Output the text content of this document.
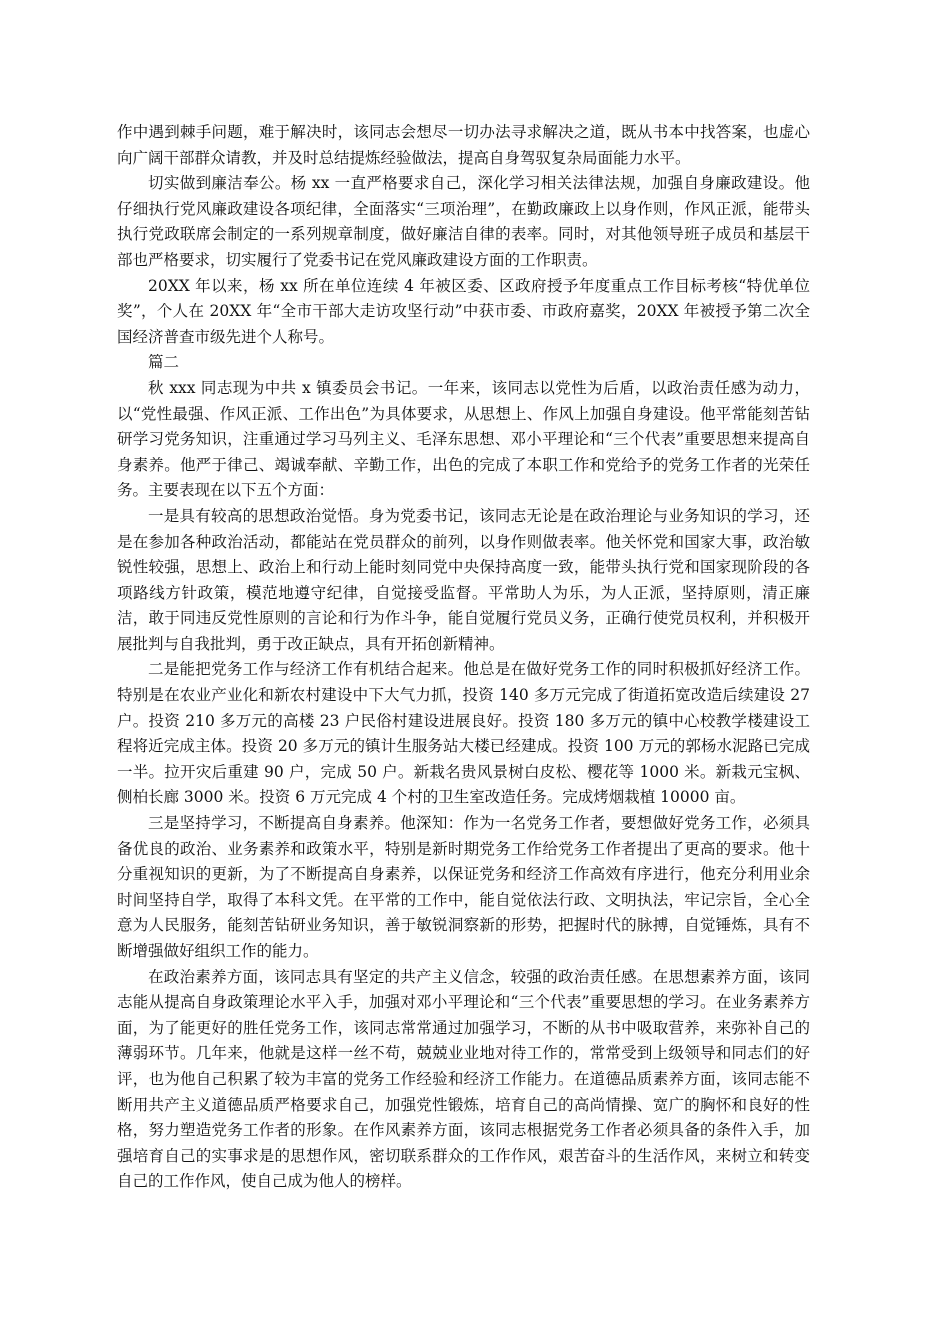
作中遇到棘手问题，难于解决时，该同志会想尽一切办法寻求解决之道，既从书本中找答案，也虚心向广阔干部群众请教，并及时总结提炼经验做法，提高自身驾驭复杂局面能力水平。

切实做到廉洁奉公。杨 xx 一直严格要求自己，深化学习相关法律法规，加强自身廉政建设。他仔细执行党风廉政建设各项纪律，全面落实“三项治理”，在勤政廉政上以身作则，作风正派，能带头执行党政联席会制定的一系列规章制度，做好廉洁自律的表率。同时，对其他领导班子成员和基层干部也严格要求，切实履行了党委书记在党风廉政建设方面的工作职责。

20XX 年以来，杨 xx 所在单位连续 4 年被区委、区政府授予年度重点工作目标考核“特优单位奖”，个人在 20XX 年“全市干部大走访攻坚行动”中获市委、市政府嘉奖，20XX 年被授予第二次全国经济普查市级先进个人称号。

篇二

秋 xxx 同志现为中共 x 镇委员会书记。一年来，该同志以党性为后盾，以政治责任感为动力，以“党性最强、作风正派、工作出色”为具体要求，从思想上、作风上加强自身建设。他平常能刻苦钻研学习党务知识，注重通过学习马列主义、毛泽东思想、邓小平理论和“三个代表”重要思想来提高自身素养。他严于律己、竭诚奉献、辛勤工作，出色的完成了本职工作和党给予的党务工作者的光荣任务。主要表现在以下五个方面：

一是具有较高的思想政治觉悟。身为党委书记，该同志无论是在政治理论与业务知识的学习，还是在参加各种政治活动，都能站在党员群众的前列，以身作则做表率。他关怀党和国家大事，政治敏锐性较强，思想上、政治上和行动上能时刻同党中央保持高度一致，能带头执行党和国家现阶段的各项路线方针政策，模范地遵守纪律，自觉接受监督。平常助人为乐，为人正派，坚持原则，清正廉洁，敢于同违反党性原则的言论和行为作斗争，能自觉履行党员义务，正确行使党员权利，并积极开展批判与自我批判，勇于改正缺点，具有开拓创新精神。

二是能把党务工作与经济工作有机结合起来。他总是在做好党务工作的同时积极抓好经济工作。特别是在农业产业化和新农村建设中下大气力抓，投资 140 多万元完成了街道拓宽改造后续建设 27 户。投资 210 多万元的高楼 23 户民俗村建设进展良好。投资 180 多万元的镇中心校教学楼建设工程将近完成主体。投资 20 多万元的镇计生服务站大楼已经建成。投资 100 万元的郭杨水泥路已完成一半。拉开灾后重建 90 户，完成 50 户。新栽名贵风景树白皮松、樱花等 1000 米。新栽元宝枫、侧柏长廊 3000 米。投资 6 万元完成 4 个村的卫生室改造任务。完成烤烟栽植 10000 亩。

三是坚持学习，不断提高自身素养。他深知：作为一名党务工作者，要想做好党务工作，必须具备优良的政治、业务素养和政策水平，特别是新时期党务工作给党务工作者提出了更高的要求。他十分重视知识的更新，为了不断提高自身素养，以保证党务和经济工作高效有序进行，他充分利用业余时间坚持自学，取得了本科文凭。在平常的工作中，能自觉依法行政、文明执法，牢记宗旨，全心全意为人民服务，能刻苦钻研业务知识，善于敏锐洞察新的形势，把握时代的脉搏，自觉锤炼，具有不断增强做好组织工作的能力。

在政治素养方面，该同志具有坚定的共产主义信念，较强的政治责任感。在思想素养方面，该同志能从提高自身政策理论水平入手，加强对邓小平理论和“三个代表”重要思想的学习。在业务素养方面，为了能更好的胜任党务工作，该同志常常通过加强学习，不断的从书中吸取营养，来弥补自己的薄弱环节。几年来，他就是这样一丝不苟，兢兢业业地对待工作的，常常受到上级领导和同志们的好评，也为他自己积累了较为丰富的党务工作经验和经济工作能力。在道德品质素养方面，该同志能不断用共产主义道德品质严格要求自己，加强党性锻炼，培育自己的高尚情操、宽广的胸怀和良好的性格，努力塑造党务工作者的形象。在作风素养方面，该同志根据党务工作者必须具备的条件入手，加强培育自己的实事求是的思想作风，密切联系群众的工作作风，艰苦奋斗的生活作风，来树立和转变自己的工作作风，使自己成为他人的榜样。
